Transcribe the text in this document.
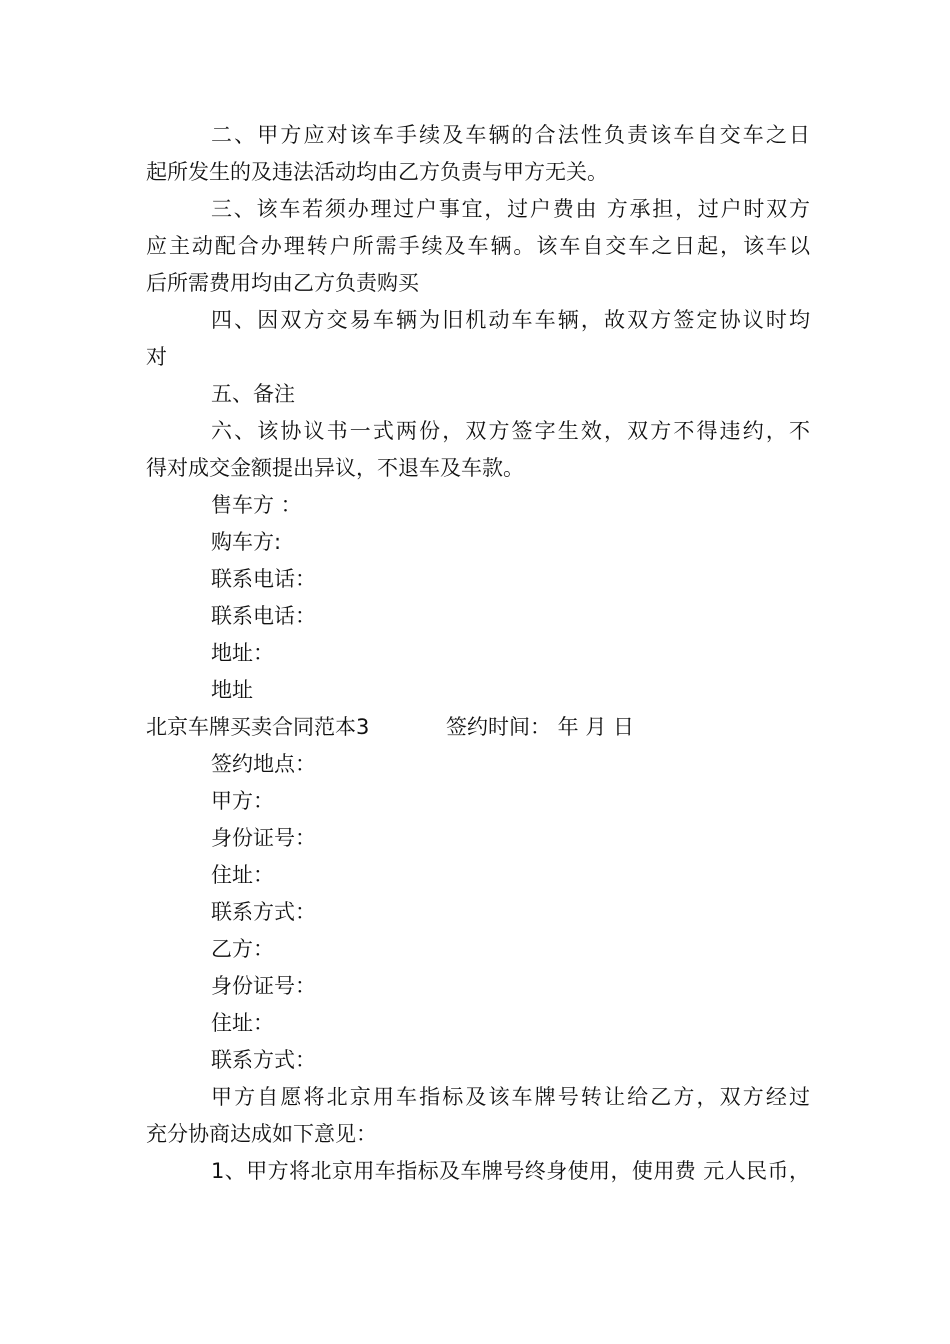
二、甲方应对该车手续及车辆的合法性负责该车自交车之日
起所发生的及违法活动均由乙方负责与甲方无关。
三、该车若须办理过户事宜，过户费由 方承担，过户时双方
应主动配合办理转户所需手续及车辆。该车自交车之日起，该车以
后所需费用均由乙方负责购买
四、因双方交易车辆为旧机动车车辆，故双方签定协议时均
对
五、备注
六、该协议书一式两份，双方签字生效，双方不得违约，不
得对成交金额提出异议，不退车及车款。
售车方 ：
购车方:
联系电话：
联系电话：
地址：
地址
北京车牌买卖合同范本3	签约时间： 年 月 日
签约地点：
甲方：
身份证号：
住址：
联系方式：
乙方：
身份证号：
住址：
联系方式：
甲方自愿将北京用车指标及该车牌号转让给乙方，双方经过
充分协商达成如下意见：
1、甲方将北京用车指标及车牌号终身使用，使用费 元人民币，
